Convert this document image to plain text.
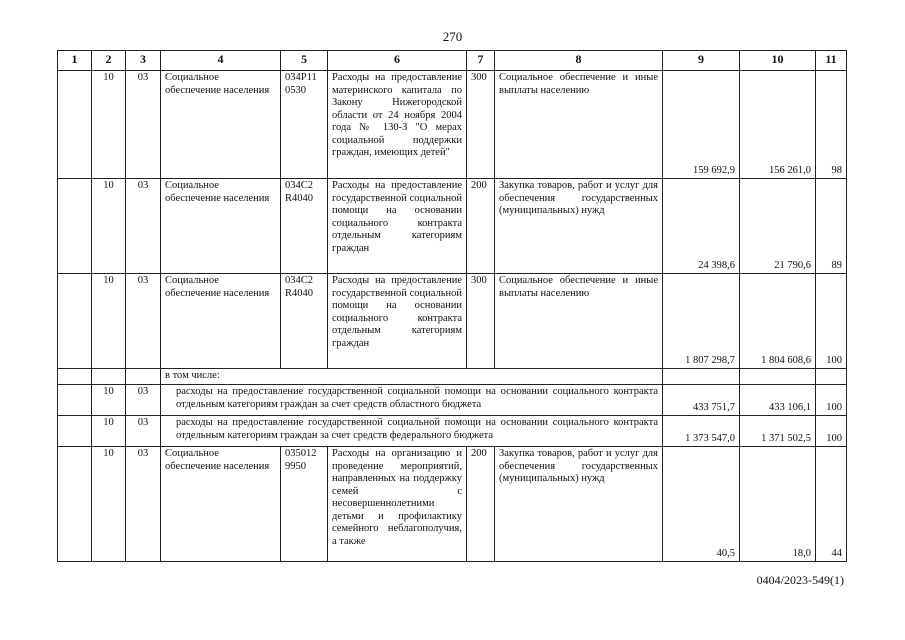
270
1	2	3	4	5	6	7	8	9	10	11
	10	03	Социальное обеспечение населения	034Р11 0530	Расходы на предоставление материнского капитала по Закону Нижегородской области от 24 ноября 2004 года № 130-З "О мерах социальной поддержки граждан, имеющих детей"	300	Социальное обеспечение и иные выплаты населению	159 692,9	156 261,0	98
	10	03	Социальное обеспечение населения	034С2 R4040	Расходы на предоставление государственной социальной помощи на основании социального контракта отдельным категориям граждан	200	Закупка товаров, работ и услуг для обеспечения государственных (муниципальных) нужд	24 398,6	21 790,6	89
	10	03	Социальное обеспечение населения	034С2 R4040	Расходы на предоставление государственной социальной помощи на основании социального контракта отдельным категориям граждан	300	Социальное обеспечение и иные выплаты населению	1 807 298,7	1 804 608,6	100
			в том числе:							
	10	03	расходы на предоставление государственной социальной помощи на основании социального контракта отдельным категориям граждан за счет средств областного бюджета					433 751,7	433 106,1	100
	10	03	расходы на предоставление государственной социальной помощи на основании социального контракта отдельным категориям граждан за счет средств федерального бюджета					1 373 547,0	1 371 502,5	100
	10	03	Социальное обеспечение населения	035012 9950	Расходы на организацию и проведение мероприятий, направленных на поддержку семей с несовершеннолетними детьми и профилактику семейного неблагополучия, а также	200	Закупка товаров, работ и услуг для обеспечения государственных (муниципальных) нужд	40,5	18,0	44
0404/2023-549(1)
